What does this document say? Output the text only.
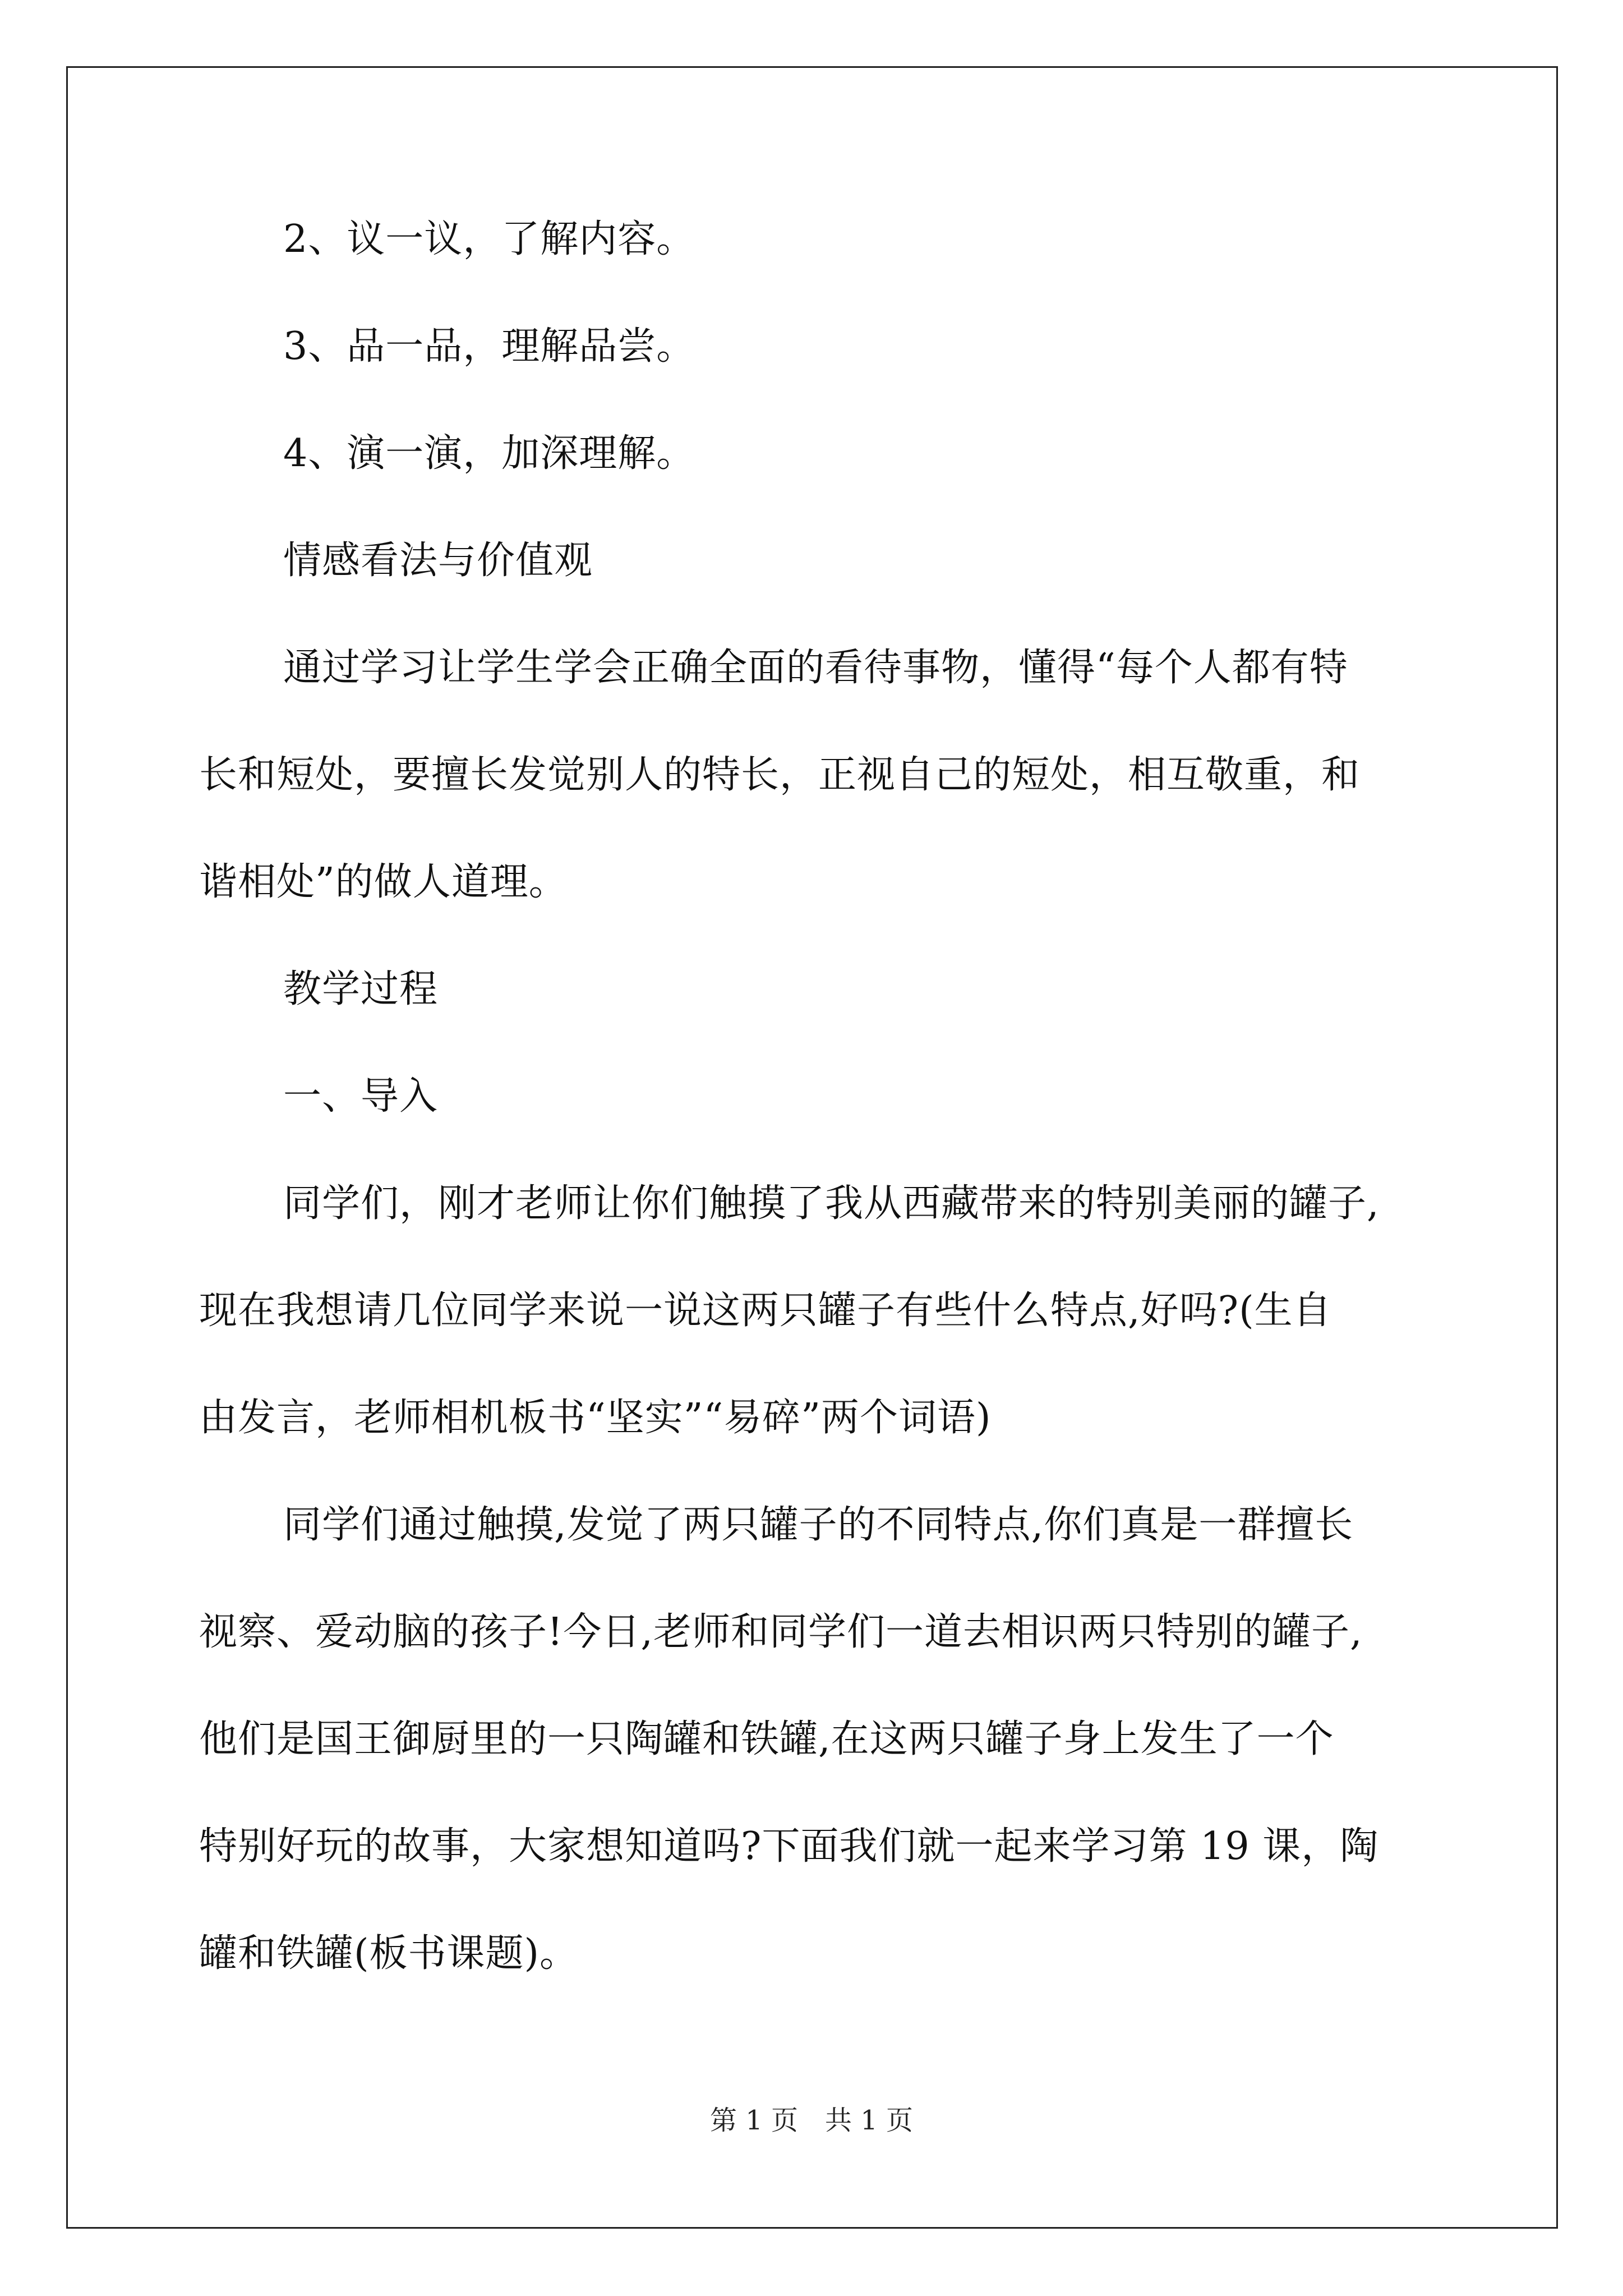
2、议一议，了解内容。
3、品一品，理解品尝。
4、演一演，加深理解。
情感看法与价值观
通过学习让学生学会正确全面的看待事物，懂得“每个人都有特
长和短处，要擅长发觉别人的特长，正视自己的短处，相互敬重，和
谐相处”的做人道理。
教学过程
一、导入
同学们，刚才老师让你们触摸了我从西藏带来的特别美丽的罐子,
现在我想请几位同学来说一说这两只罐子有些什么特点,好吗?(生自
由发言，老师相机板书“坚实”“易碎”两个词语)
同学们通过触摸,发觉了两只罐子的不同特点,你们真是一群擅长
视察、爱动脑的孩子!今日,老师和同学们一道去相识两只特别的罐子,
他们是国王御厨里的一只陶罐和铁罐,在这两只罐子身上发生了一个
特别好玩的故事，大家想知道吗?下面我们就一起来学习第 19 课，陶
罐和铁罐(板书课题)。
第 1 页　共 1 页
